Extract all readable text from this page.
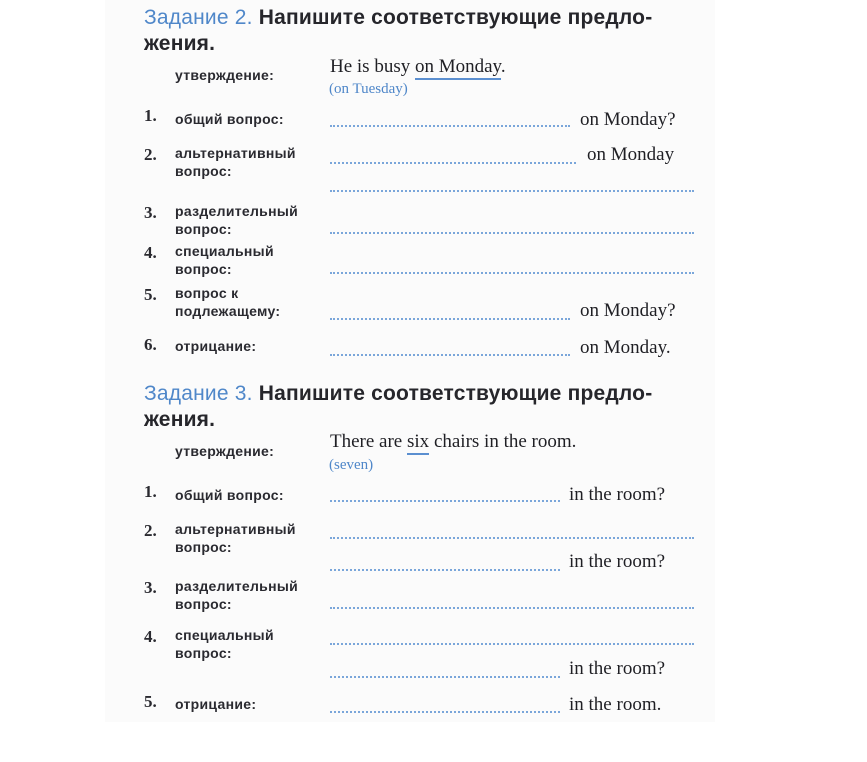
Задание 2. Напишите соответствующие предло-
жения.
утверждение:	He is busy on Monday.
(on Tuesday)
1. общий вопрос:	on Monday?
2. альтернативный
вопрос:
on Monday
3. разделительный
вопрос:
4. специальный
вопрос:
5. вопрос к
подлежащему:	on Monday?
6. отрицание:	on Monday.
Задание 3. Напишите соответствующие предло-
жения.
утверждение:	There are six chairs in the room.
(seven)
1. общий вопрос:	in the room?
2. альтернативный
вопрос:
in the room?
3. разделительный
вопрос:
4. специальный
вопрос:
in the room?
5. отрицание:	in the room.
